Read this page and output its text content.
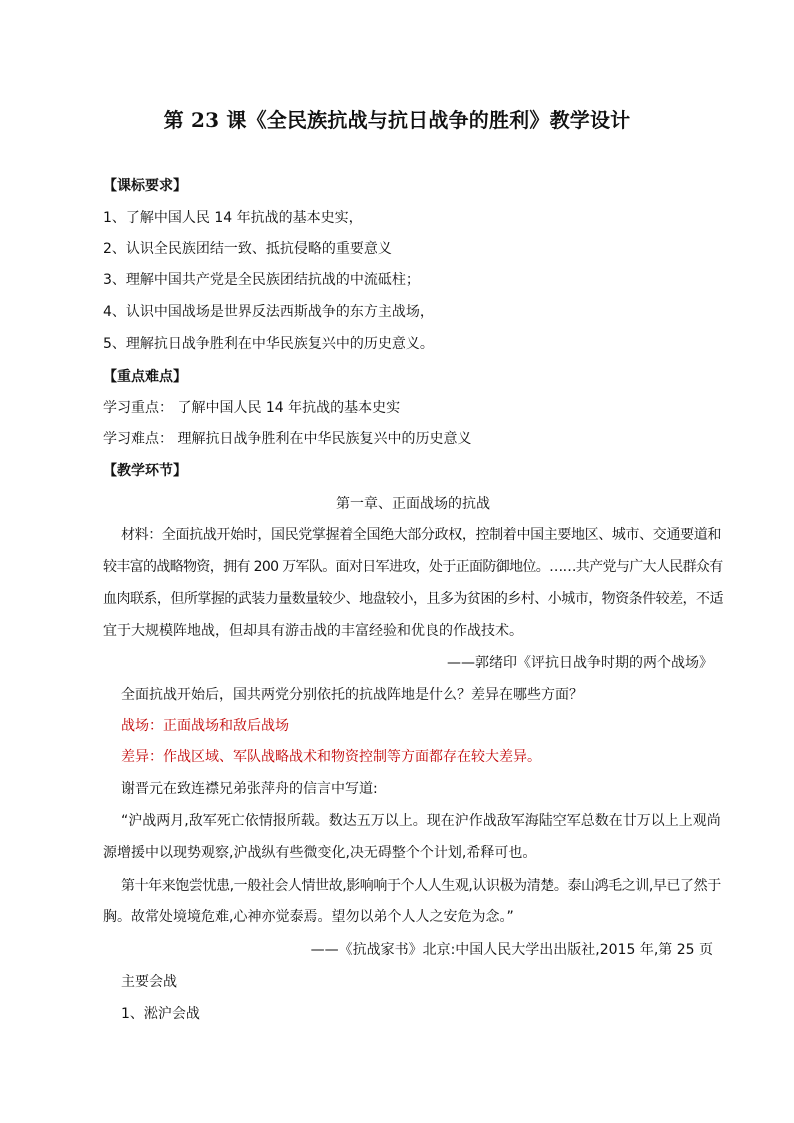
第 23 课《全民族抗战与抗日战争的胜利》教学设计
【课标要求】
1、了解中国人民 14 年抗战的基本史实，
2、认识全民族团结一致、抵抗侵略的重要意义
3、理解中国共产党是全民族团结抗战的中流砥柱；
4、认识中国战场是世界反法西斯战争的东方主战场，
5、理解抗日战争胜利在中华民族复兴中的历史意义。
【重点难点】
学习重点： 了解中国人民 14 年抗战的基本史实
学习难点： 理解抗日战争胜利在中华民族复兴中的历史意义
【教学环节】
第一章、正面战场的抗战
材料：全面抗战开始时，国民党掌握着全国绝大部分政权，控制着中国主要地区、城市、交通要道和
较丰富的战略物资，拥有 200 万军队。面对日军进攻，处于正面防御地位。……共产党与广大人民群众有
血肉联系，但所掌握的武装力量数量较少、地盘较小，且多为贫困的乡村、小城市，物资条件较差，不适
宜于大规模阵地战，但却具有游击战的丰富经验和优良的作战技术。
——郭绪印《评抗日战争时期的两个战场》
全面抗战开始后，国共两党分别依托的抗战阵地是什么？差异在哪些方面？
战场：正面战场和敌后战场
差异：作战区域、军队战略战术和物资控制等方面都存在较大差异。
谢晋元在致连襟兄弟张萍舟的信言中写道:
“沪战两月,敌军死亡依情报所载。数达五万以上。现在沪作战敌军海陆空军总数在廿万以上上观尚
源增援中以现势观察,沪战纵有些微变化,决无碍整个个计划,希释可也。
第十年来饱尝忧患,一般社会人情世故,影响响于个人人生观,认识极为清楚。泰山鸿毛之训,早已了然于
胸。故常处境境危难,心神亦觉泰焉。望勿以弟个人人之安危为念。”
——《抗战家书》北京:中国人民大学出出版社,2015 年,第 25 页
主要会战
1、淞沪会战
